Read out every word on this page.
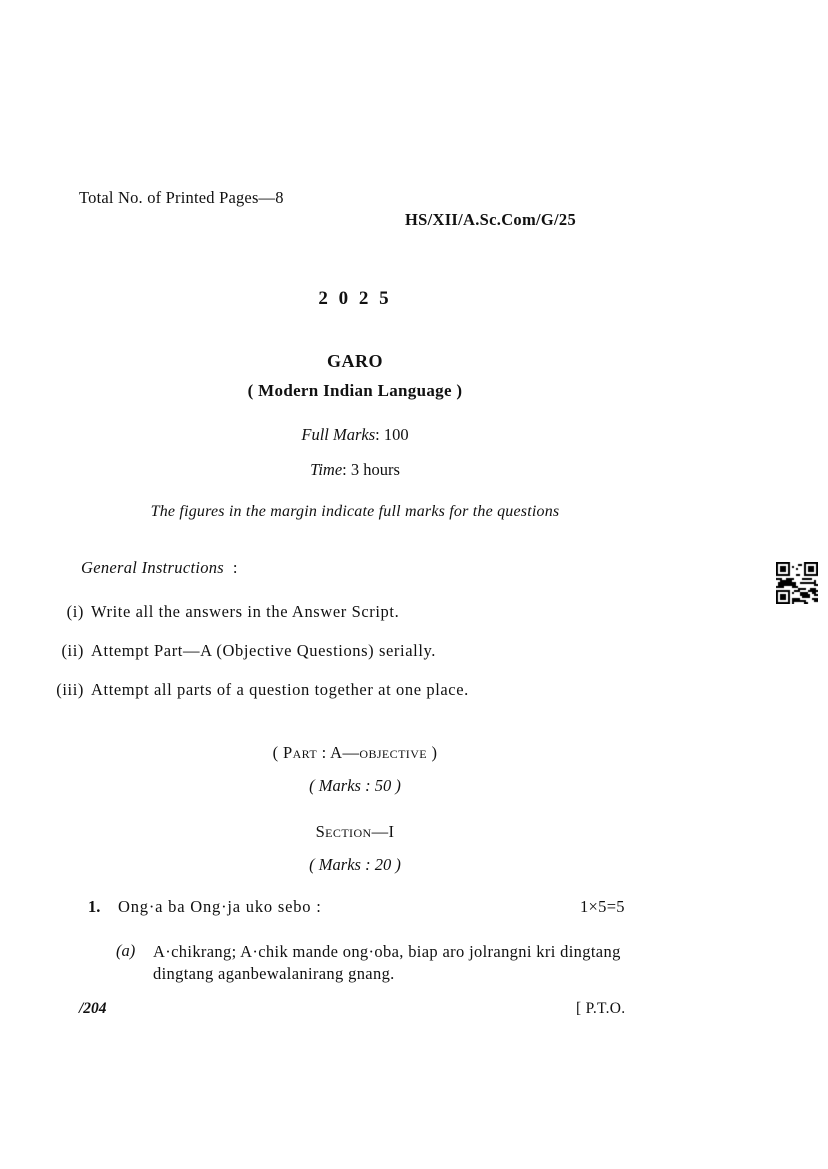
Total No. of Printed Pages—8
HS/XII/A.Sc.Com/G/25
2 0 2 5
GARO
( Modern Indian Language )
Full Marks: 100
Time: 3 hours
The figures in the margin indicate full marks for the questions
General Instructions :
(i) Write all the answers in the Answer Script.
(ii) Attempt Part—A (Objective Questions) serially.
(iii) Attempt all parts of a question together at one place.
( Part : A—objective )
( Marks : 50 )
Section—I
( Marks : 20 )
1. Ong·a ba Ong·ja uko sebo :	1×5=5
(a) A·chikrang; A·chik mande ong·oba, biap aro jolrangni kri dingtang dingtang aganbewalanirang gnang.
/204	[ P.T.O.
